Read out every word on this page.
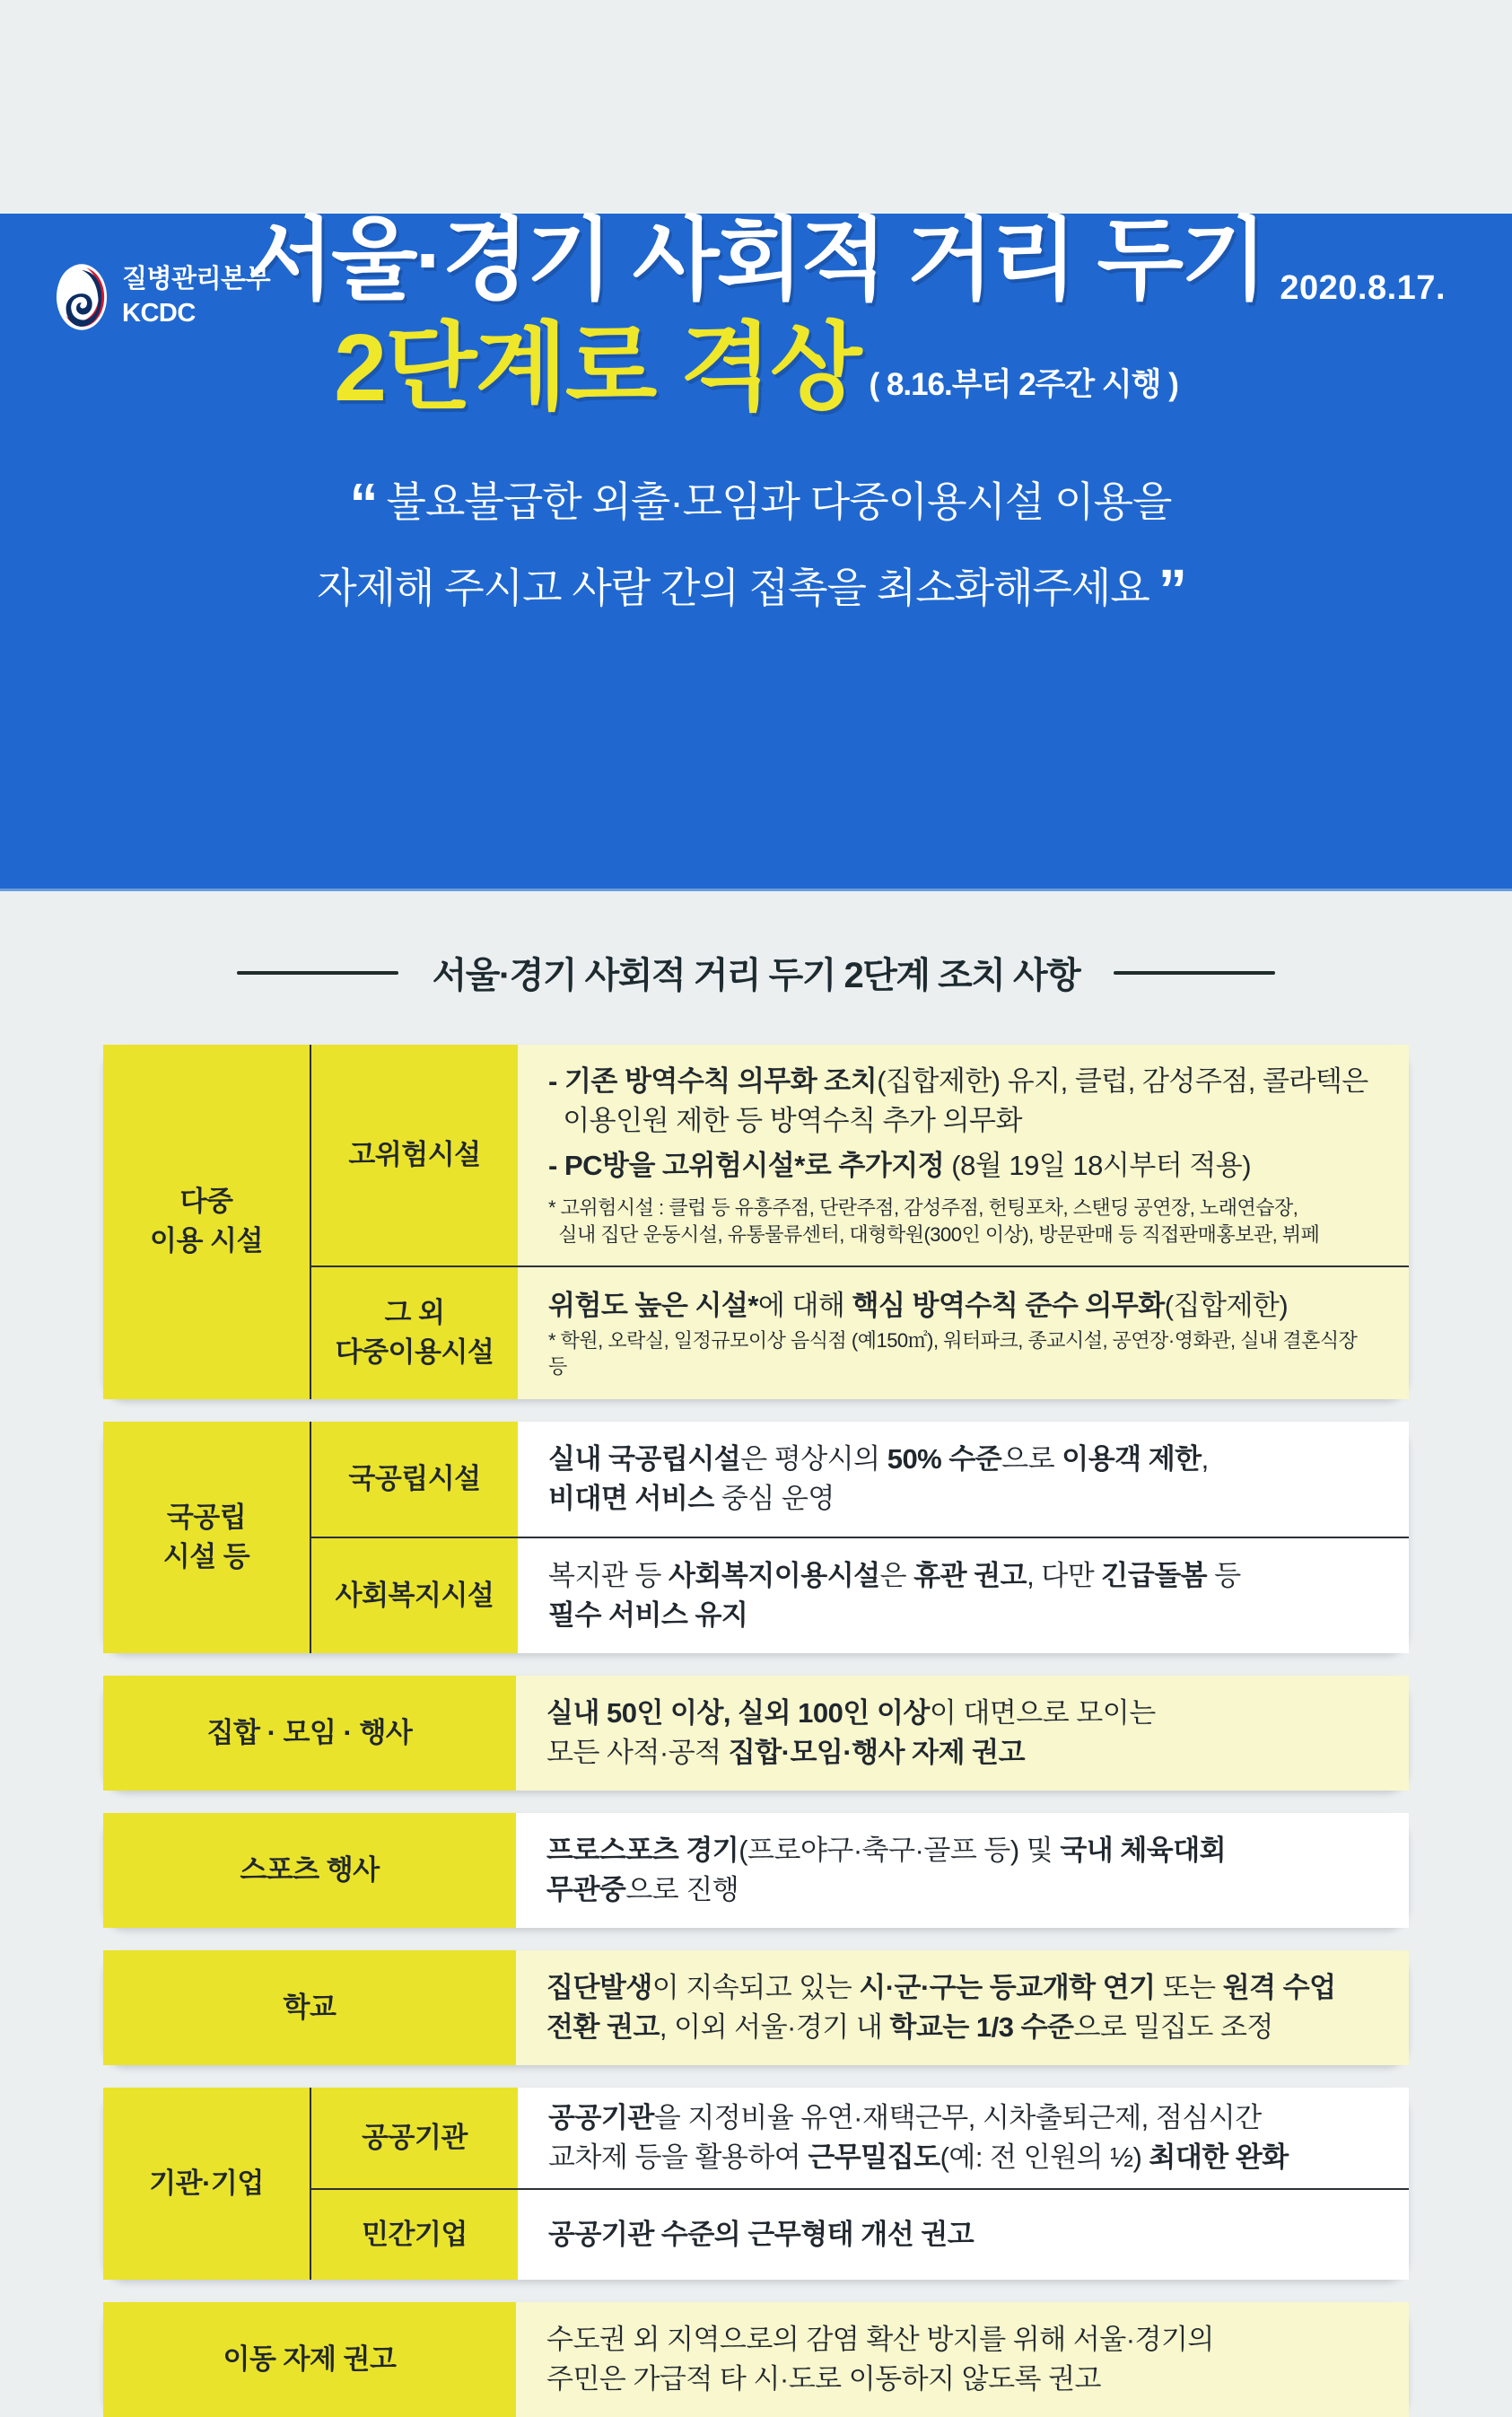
질병관리본부
KCDC
2020.8.17.
서울·경기 사회적 거리 두기
2단계로 격상 ( 8.16.부터 2주간 시행 )
“ 불요불급한 외출·모임과 다중이용시설 이용을
자제해 주시고 사람 간의 접촉을 최소화해주세요 ”
서울·경기 사회적 거리 두기 2단계 조치 사항
다중
이용 시설
고위험시설
- 기존 방역수칙 의무화 조치(집합제한) 유지, 클럽, 감성주점, 콜라텍은
이용인원 제한 등 방역수칙 추가 의무화
- PC방을 고위험시설*로 추가지정 (8월 19일 18시부터 적용)
* 고위험시설 : 클럽 등 유흥주점, 단란주점, 감성주점, 헌팅포차, 스탠딩 공연장, 노래연습장,
실내 집단 운동시설, 유통물류센터, 대형학원(300인 이상), 방문판매 등 직접판매홍보관, 뷔페
그 외
다중이용시설
위험도 높은 시설*에 대해 핵심 방역수칙 준수 의무화(집합제한)
* 학원, 오락실, 일정규모이상 음식점 (예150㎡), 워터파크, 종교시설, 공연장·영화관, 실내 결혼식장 등
국공립
시설 등
국공립시설
실내 국공립시설은 평상시의 50% 수준으로 이용객 제한,
비대면 서비스 중심 운영
사회복지시설
복지관 등 사회복지이용시설은 휴관 권고, 다만 긴급돌봄 등
필수 서비스 유지
집합 · 모임 · 행사
실내 50인 이상, 실외 100인 이상이 대면으로 모이는
모든 사적·공적 집합·모임·행사 자제 권고
스포츠 행사
프로스포츠 경기(프로야구·축구·골프 등) 및 국내 체육대회
무관중으로 진행
학교
집단발생이 지속되고 있는 시·군·구는 등교개학 연기 또는 원격 수업
전환 권고, 이외 서울·경기 내 학교는 1/3 수준으로 밀집도 조정
기관·기업
공공기관
공공기관을 지정비율 유연·재택근무, 시차출퇴근제, 점심시간
교차제 등을 활용하여 근무밀집도(예: 전 인원의 ½) 최대한 완화
민간기업	공공기관 수준의 근무형태 개선 권고
이동 자제 권고
수도권 외 지역으로의 감염 확산 방지를 위해 서울·경기의
주민은 가급적 타 시·도로 이동하지 않도록 권고
